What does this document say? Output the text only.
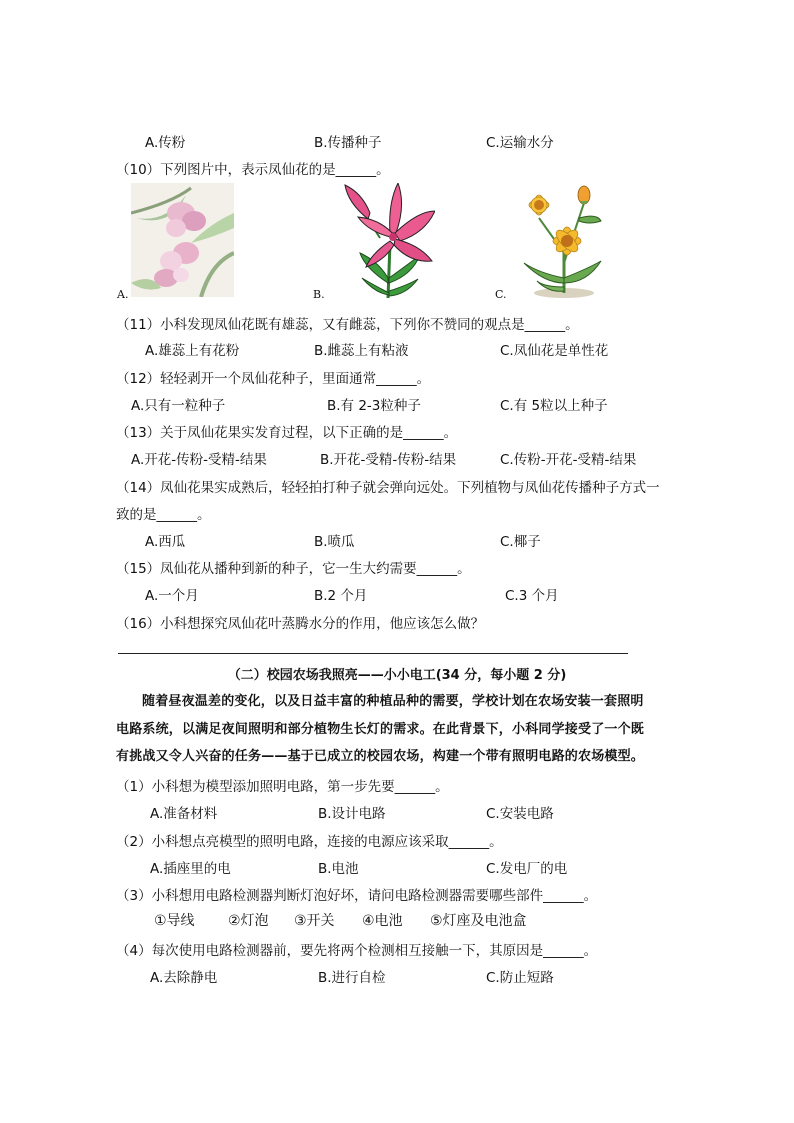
A.传粉	B.传播种子	C.运输水分
（10）下列图片中，表示凤仙花的是______。
A.	B.	C.
（11）小科发现凤仙花既有雄蕊，又有雌蕊，下列你不赞同的观点是______。
A.雄蕊上有花粉	B.雌蕊上有粘液	C.凤仙花是单性花
（12）轻轻剥开一个凤仙花种子，里面通常______。
A.只有一粒种子	B.有 2-3粒种子	C.有 5粒以上种子
（13）关于凤仙花果实发育过程，以下正确的是______。
A.开花-传粉-受精-结果	B.开花-受精-传粉-结果	C.传粉-开花-受精-结果
（14）凤仙花果实成熟后，轻轻拍打种子就会弹向远处。下列植物与凤仙花传播种子方式一
致的是______。
A.西瓜	B.喷瓜	C.椰子
（15）凤仙花从播种到新的种子，它一生大约需要______。
A.一个月	B.2 个月	C.3 个月
（16）小科想探究凤仙花叶蒸腾水分的作用，他应该怎么做？
（二）校园农场我照亮——小小电工(34 分，每小题 2 分)
随着昼夜温差的变化，以及日益丰富的种植品种的需要，学校计划在农场安装一套照明
电路系统，以满足夜间照明和部分植物生长灯的需求。在此背景下，小科同学接受了一个既
有挑战又令人兴奋的任务——基于已成立的校园农场，构建一个带有照明电路的农场模型。
（1）小科想为模型添加照明电路，第一步先要______。
A.准备材料	B.设计电路	C.安装电路
（2）小科想点亮模型的照明电路，连接的电源应该采取______。
A.插座里的电	B.电池	C.发电厂的电
（3）小科想用电路检测器判断灯泡好坏，请问电路检测器需要哪些部件______。
①导线 ②灯泡 ③开关 ④电池 ⑤灯座及电池盒
（4）每次使用电路检测器前，要先将两个检测相互接触一下，其原因是______。
A.去除静电	B.进行自检	C.防止短路
